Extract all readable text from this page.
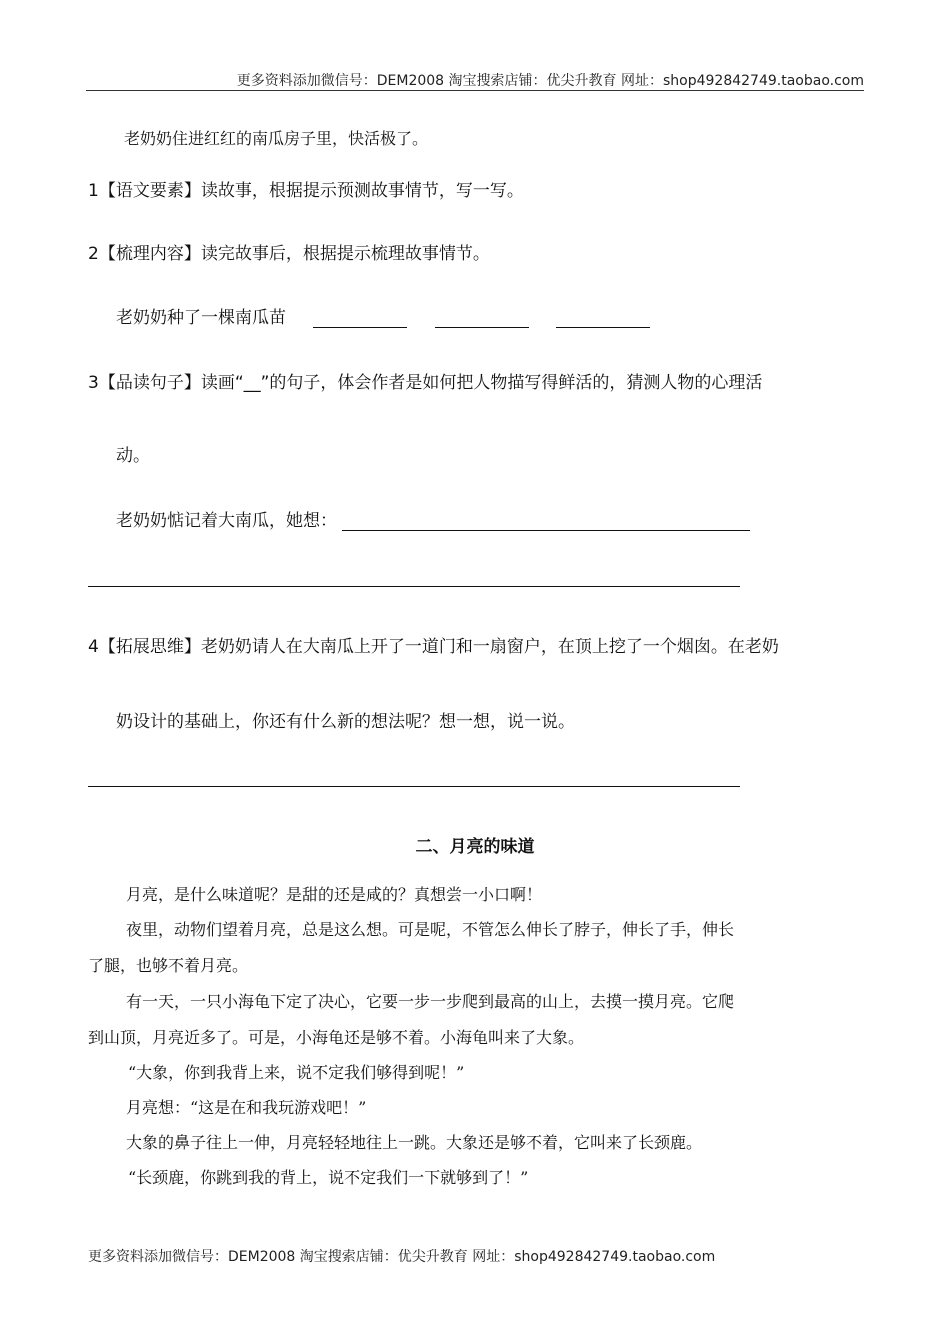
更多资料添加微信号：DEM2008 淘宝搜索店铺：优尖升教育 网址：shop492842749.taobao.com
老奶奶住进红红的南瓜房子里，快活极了。
1【语文要素】读故事，根据提示预测故事情节，写一写。
2【梳理内容】读完故事后，根据提示梳理故事情节。
老奶奶种了一棵南瓜苗
3【品读句子】读画“__”的句子，体会作者是如何把人物描写得鲜活的，猜测人物的心理活
动。
老奶奶惦记着大南瓜，她想：
4【拓展思维】老奶奶请人在大南瓜上开了一道门和一扇窗户，在顶上挖了一个烟囱。在老奶
奶设计的基础上，你还有什么新的想法呢？想一想，说一说。
二、月亮的味道
月亮，是什么味道呢？是甜的还是咸的？真想尝一小口啊！
夜里，动物们望着月亮，总是这么想。可是呢，不管怎么伸长了脖子，伸长了手，伸长
了腿，也够不着月亮。
有一天，一只小海龟下定了决心，它要一步一步爬到最高的山上，去摸一摸月亮。它爬
到山顶，月亮近多了。可是，小海龟还是够不着。小海龟叫来了大象。
“大象，你到我背上来，说不定我们够得到呢！”
月亮想：“这是在和我玩游戏吧！”
大象的鼻子往上一伸，月亮轻轻地往上一跳。大象还是够不着，它叫来了长颈鹿。
“长颈鹿，你跳到我的背上，说不定我们一下就够到了！”
更多资料添加微信号：DEM2008 淘宝搜索店铺：优尖升教育 网址：shop492842749.taobao.com
